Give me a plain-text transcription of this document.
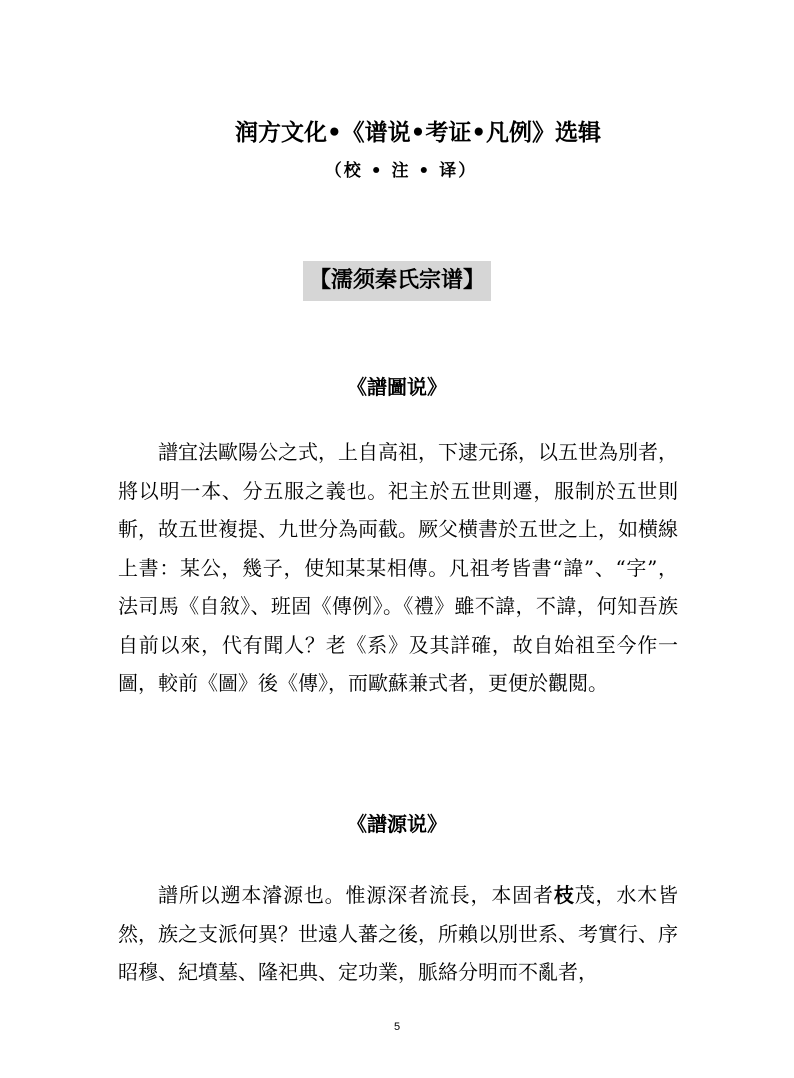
润方文化•《谱说•考证•凡例》选辑
（校 • 注 • 译）
【濡须秦氏宗谱】
《譜圖说》

譜宜法歐陽公之式，上自高祖，下逮元孫，以五世為別者，將以明一本、分五服之義也。祀主於五世則遷，服制於五世則斬，故五世複提、九世分為両截。厥父横書於五世之上，如横線上書：某公，幾子，使知某某相傳。凡祖考皆書“諱”、“字”，法司馬《自敘》、班固《傳例》。《禮》雖不諱，不諱，何知吾族自前以來，代有聞人？老《系》及其詳確，故自始祖至今作一圖，較前《圖》後《傳》，而歐蘇兼式者，更便於觀閲。

《譜源说》

譜所以遡本濬源也。惟源深者流長，本固者枝茂，水木皆然，族之支派何異？世遠人蕃之後，所賴以別世系、考實行、序昭穆、紀墳墓、隆祀典、定功業，脈絡分明而不亂者，

5
